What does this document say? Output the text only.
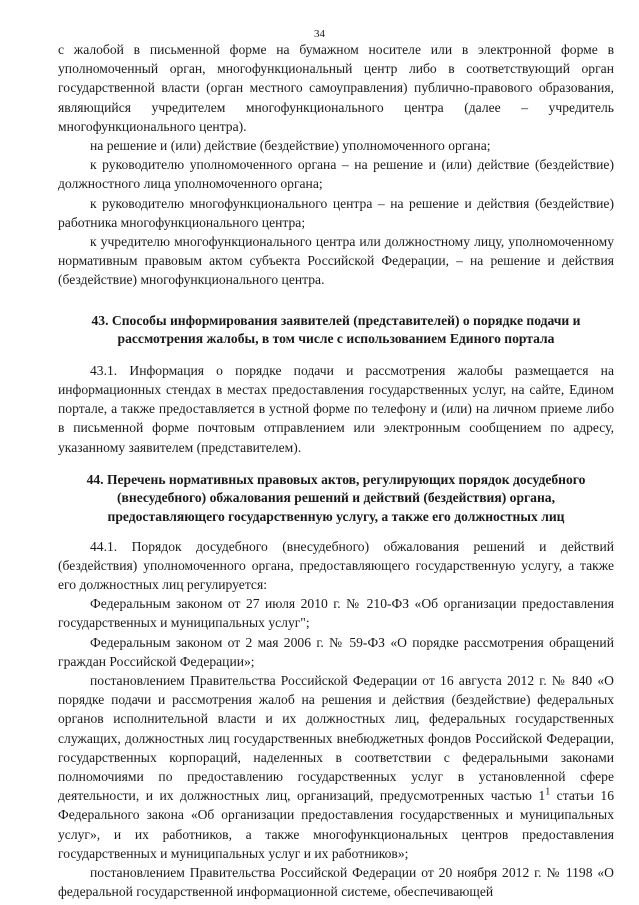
34

с жалобой в письменной форме на бумажном носителе или в электронной форме в уполномоченный орган, многофункциональный центр либо в соответствующий орган государственной власти (орган местного самоуправления) публично-правового образования, являющийся учредителем многофункционального центра (далее – учредитель многофункционального центра).

на решение и (или) действие (бездействие) уполномоченного органа;

к руководителю уполномоченного органа – на решение и (или) действие (бездействие) должностного лица уполномоченного органа;

к руководителю многофункционального центра – на решение и действия (бездействие) работника многофункционального центра;

к учредителю многофункционального центра или должностному лицу, уполномоченному нормативным правовым актом субъекта Российской Федерации, – на решение и действия (бездействие) многофункционального центра.

43. Способы информирования заявителей (представителей) о порядке подачи и рассмотрения жалобы, в том числе с использованием Единого портала

43.1. Информация о порядке подачи и рассмотрения жалобы размещается на информационных стендах в местах предоставления государственных услуг, на сайте, Едином портале, а также предоставляется в устной форме по телефону и (или) на личном приеме либо в письменной форме почтовым отправлением или электронным сообщением по адресу, указанному заявителем (представителем).

44. Перечень нормативных правовых актов, регулирующих порядок досудебного (внесудебного) обжалования решений и действий (бездействия) органа, предоставляющего государственную услугу, а также его должностных лиц

44.1. Порядок досудебного (внесудебного) обжалования решений и действий (бездействия) уполномоченного органа, предоставляющего государственную услугу, а также его должностных лиц регулируется:

Федеральным законом от 27 июля 2010 г. № 210-ФЗ «Об организации предоставления государственных и муниципальных услуг";

Федеральным законом от 2 мая 2006 г. № 59-ФЗ «О порядке рассмотрения обращений граждан Российской Федерации»;

постановлением Правительства Российской Федерации от 16 августа 2012 г. № 840 «О порядке подачи и рассмотрения жалоб на решения и действия (бездействие) федеральных органов исполнительной власти и их должностных лиц, федеральных государственных служащих, должностных лиц государственных внебюджетных фондов Российской Федерации, государственных корпораций, наделенных в соответствии с федеральными законами полномочиями по предоставлению государственных услуг в установленной сфере деятельности, и их должностных лиц, организаций, предусмотренных частью $1^1$ статьи 16 Федерального закона «Об организации предоставления государственных и муниципальных услуг», и их работников, а также многофункциональных центров предоставления государственных и муниципальных услуг и их работников»;

постановлением Правительства Российской Федерации от 20 ноября 2012 г. № 1198 «О федеральной государственной информационной системе, обеспечивающей
